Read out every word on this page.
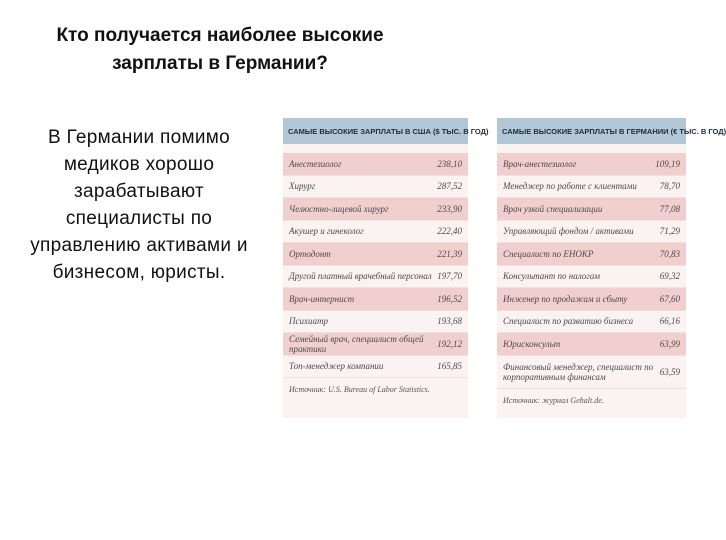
Кто получается наиболее высокие зарплаты в Германии?
В Германии помимо медиков хорошо зарабатывают специалисты по управлению активами и бизнесом, юристы.
САМЫЕ ВЫСОКИЕ ЗАРПЛАТЫ В США ($ ТЫС. В ГОД)
Анестезиолог	238,10
Хирург	287,52
Челюстно-лицевой хирург	233,90
Акушер и гинеколог	222,40
Ортодонт	221,39
Другой платный врачебный персонал 197,70
Врач-интернист	196,52
Психиатр	193,68
Семейный врач, специалист общей практики	192,12
Топ-менеджер компании	165,85
Источник: U.S. Bureau of Labor Statistics.
САМЫЕ ВЫСОКИЕ ЗАРПЛАТЫ В ГЕРМАНИИ (€ ТЫС. В ГОД)
Врач-анестезиолог	109,19
Менеджер по работе с клиентами	78,70
Врач узкой специализации	77,08
Управляющий фондом / активами	71,29
Специалист по ЕНОКР	70,83
Консультант по налогам	69,32
Инженер по продажам и сбыту	67,60
Специалист по развитию бизнеса	66,16
Юрисконсульт	63,99
Финансовый менеджер, специалист по корпоративным финансам	63,59
Источник: журнал Gehalt.de.
